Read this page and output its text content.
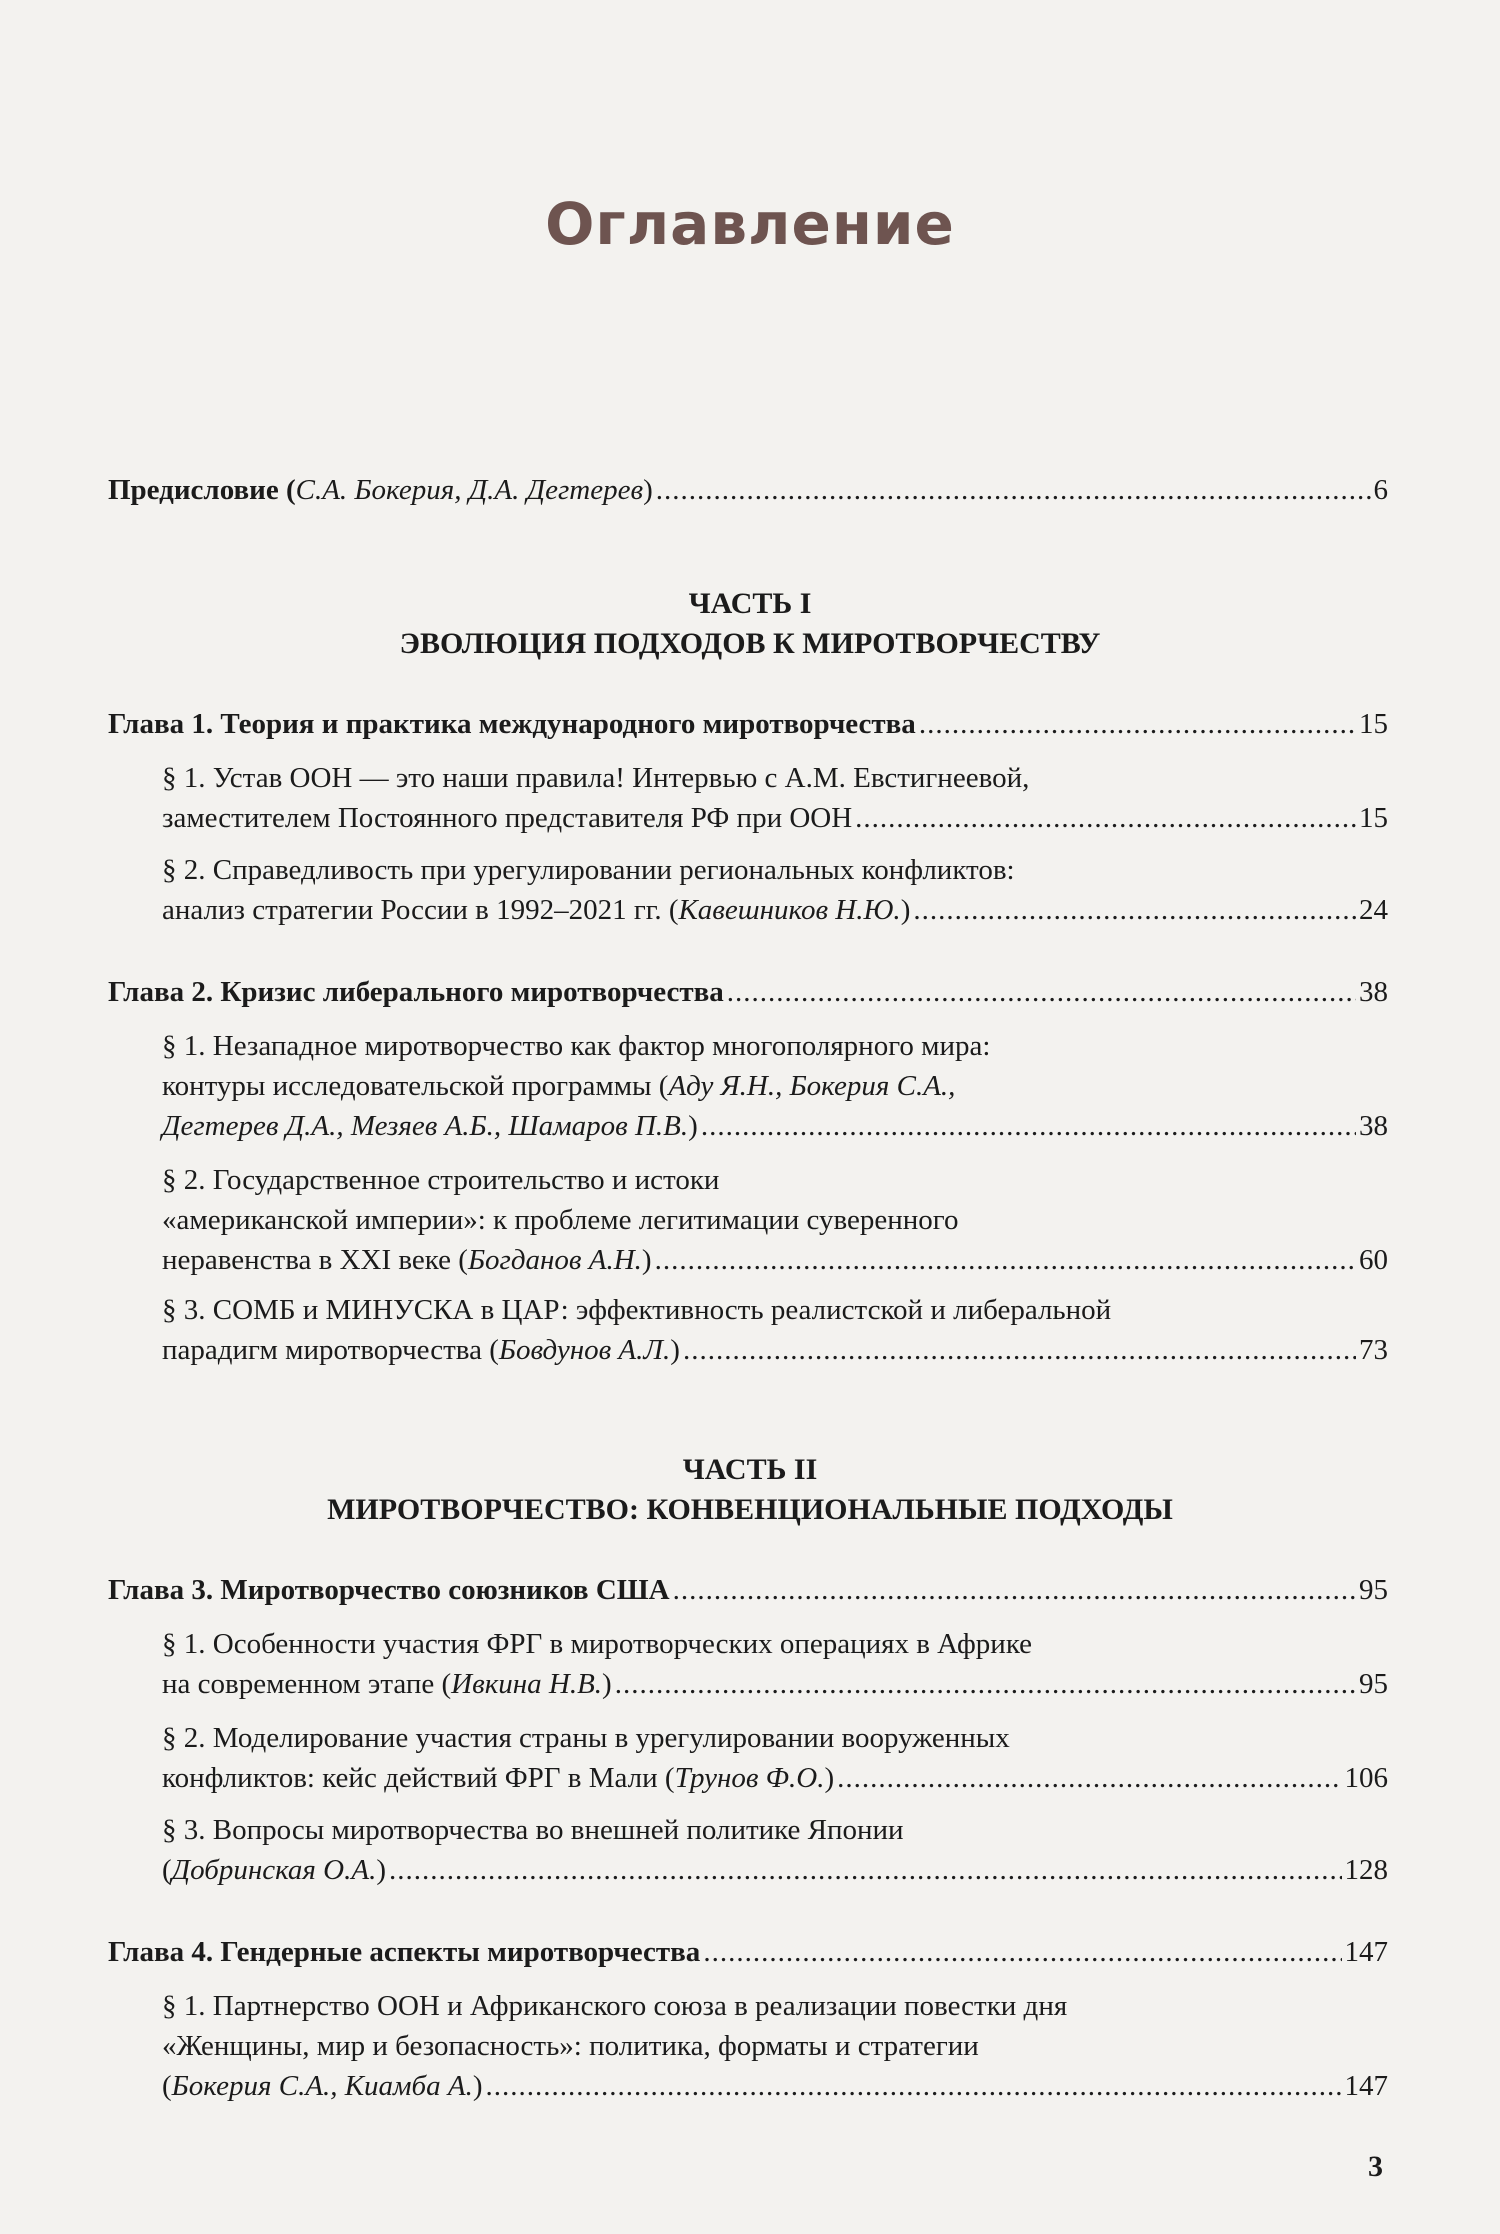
Оглавление
Предисловие ( С.А. Бокерия, Д.А. Дегтерев ) .....	6
ЧАСТЬ I
ЭВОЛЮЦИЯ ПОДХОДОВ К МИРОТВОРЧЕСТВУ
Глава 1. Теория и практика международного миротворчества .....	15
§ 1. Устав ООН — это наши правила! Интервью с А.М. Евстигнеевой,
заместителем Постоянного представителя РФ при ООН .....	15
§ 2. Справедливость при урегулировании региональных конфликтов:
анализ стратегии России в 1992–2021 гг. ( Кавешников Н.Ю. ) .....	24
Глава 2. Кризис либерального миротворчества .....	38
§ 1. Незападное миротворчество как фактор многополярного мира:
контуры исследовательской программы (Аду Я.Н., Бокерия С.А.,
Дегтерев Д.А., Мезяев А.Б., Шамаров П.В. ) .....	38
§ 2. Государственное строительство и истоки
«американской империи»: к проблеме легитимации суверенного
неравенства в XXI веке ( Богданов А.Н. ) .....	60
§ 3. СОМБ и МИНУСКА в ЦАР: эффективность реалистской и либеральной
парадигм миротворчества ( Бовдунов А.Л. ) .....	73
ЧАСТЬ II
МИРОТВОРЧЕСТВО: КОНВЕНЦИОНАЛЬНЫЕ ПОДХОДЫ
Глава 3. Миротворчество союзников США .....	95
§ 1. Особенности участия ФРГ в миротворческих операциях в Африке
на современном этапе ( Ивкина Н.В. ) .....	95
§ 2. Моделирование участия страны в урегулировании вооруженных
конфликтов: кейс действий ФРГ в Мали ( Трунов Ф.О. ) .....	106
§ 3. Вопросы миротворчества во внешней политике Японии
( Добринская О.А. ) .....	128
Глава 4. Гендерные аспекты миротворчества .....	147
§ 1. Партнерство ООН и Африканского союза в реализации повестки дня
«Женщины, мир и безопасность»: политика, форматы и стратегии
( Бокерия С.А., Киамба А. ) .....	147
3
